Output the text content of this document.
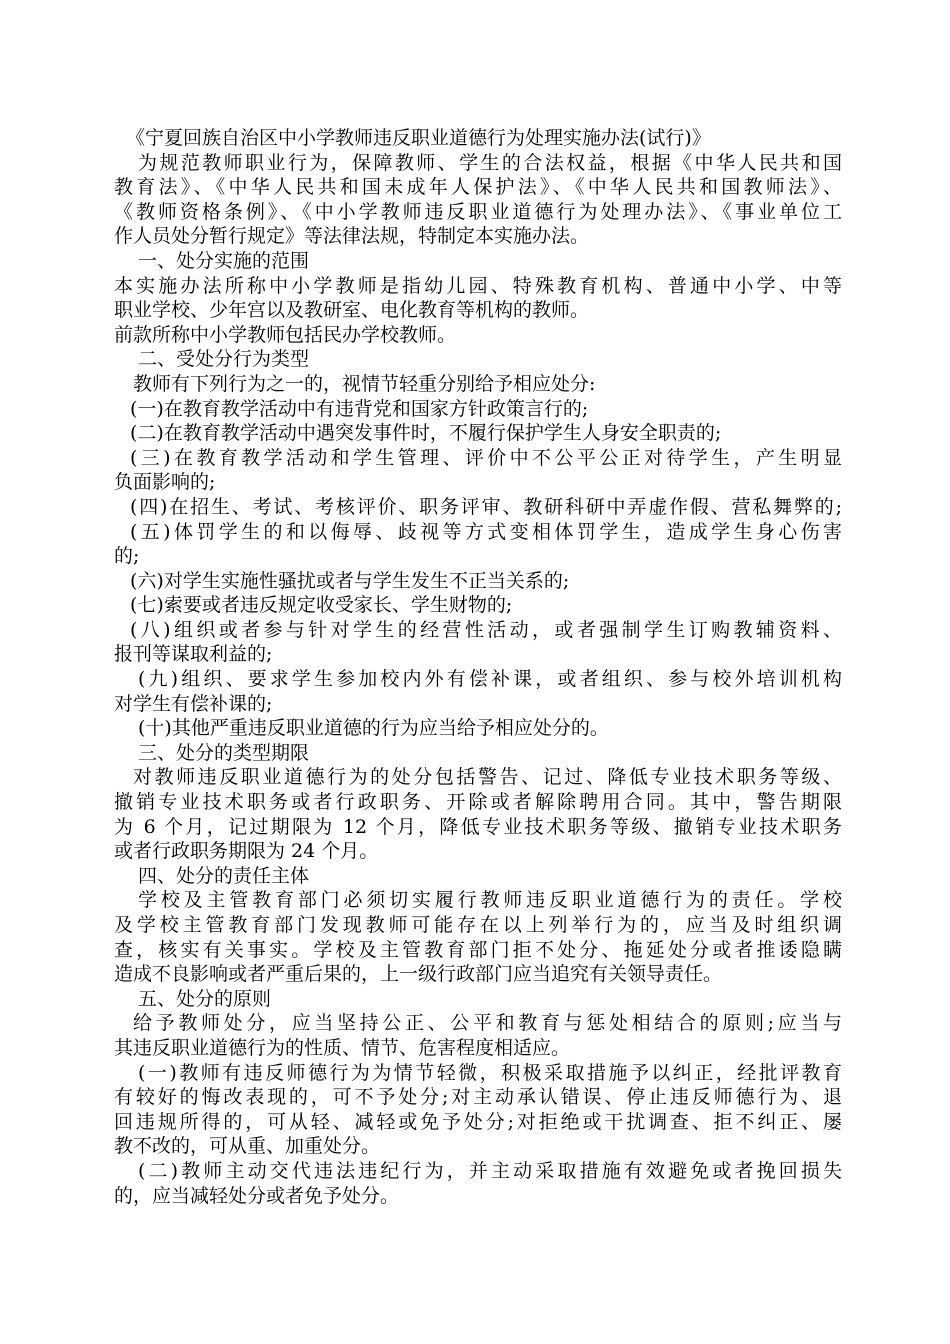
《宁夏回族自治区中小学教师违反职业道德行为处理实施办法(试行)》
为规范教师职业行为，保障教师、学生的合法权益，根据《中华人民共和国
教育法》、《中华人民共和国未成年人保护法》、《中华人民共和国教师法》、
《教师资格条例》、《中小学教师违反职业道德行为处理办法》、《事业单位工
作人员处分暂行规定》等法律法规，特制定本实施办法。
一、处分实施的范围
本实施办法所称中小学教师是指幼儿园、特殊教育机构、普通中小学、中等
职业学校、少年宫以及教研室、电化教育等机构的教师。
前款所称中小学教师包括民办学校教师。
二、受处分行为类型
教师有下列行为之一的，视情节轻重分别给予相应处分:
(一)在教育教学活动中有违背党和国家方针政策言行的;
(二)在教育教学活动中遇突发事件时，不履行保护学生人身安全职责的;
(三)在教育教学活动和学生管理、评价中不公平公正对待学生，产生明显
负面影响的;
(四)在招生、考试、考核评价、职务评审、教研科研中弄虚作假、营私舞弊的;
(五)体罚学生的和以侮辱、歧视等方式变相体罚学生，造成学生身心伤害
的;
(六)对学生实施性骚扰或者与学生发生不正当关系的;
(七)索要或者违反规定收受家长、学生财物的;
(八)组织或者参与针对学生的经营性活动，或者强制学生订购教辅资料、
报刊等谋取利益的;
(九)组织、要求学生参加校内外有偿补课，或者组织、参与校外培训机构
对学生有偿补课的;
(十)其他严重违反职业道德的行为应当给予相应处分的。
三、处分的类型期限
对教师违反职业道德行为的处分包括警告、记过、降低专业技术职务等级、
撤销专业技术职务或者行政职务、开除或者解除聘用合同。其中，警告期限
为 6 个月，记过期限为 12 个月，降低专业技术职务等级、撤销专业技术职务
或者行政职务期限为 24 个月。
四、处分的责任主体
学校及主管教育部门必须切实履行教师违反职业道德行为的责任。学校
及学校主管教育部门发现教师可能存在以上列举行为的，应当及时组织调
查，核实有关事实。学校及主管教育部门拒不处分、拖延处分或者推诿隐瞒
造成不良影响或者严重后果的，上一级行政部门应当追究有关领导责任。
五、处分的原则
给予教师处分，应当坚持公正、公平和教育与惩处相结合的原则;应当与
其违反职业道德行为的性质、情节、危害程度相适应。
(一)教师有违反师德行为为情节轻微，积极采取措施予以纠正，经批评教育
有较好的悔改表现的，可不予处分;对主动承认错误、停止违反师德行为、退
回违规所得的，可从轻、减轻或免予处分;对拒绝或干扰调查、拒不纠正、屡
教不改的，可从重、加重处分。
(二)教师主动交代违法违纪行为，并主动采取措施有效避免或者挽回损失
的，应当减轻处分或者免予处分。
